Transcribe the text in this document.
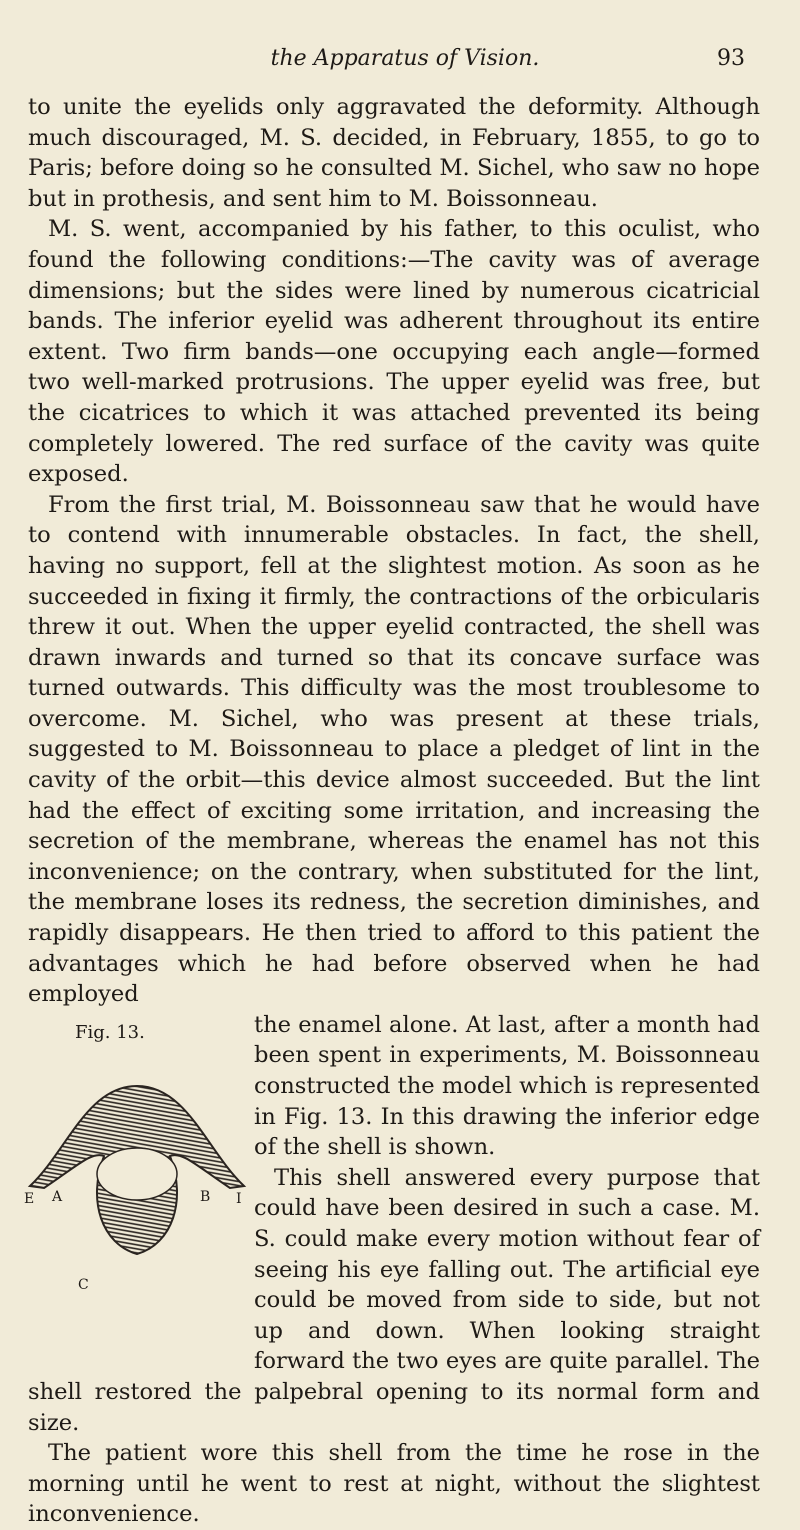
the Apparatus of Vision.	93

to unite the eyelids only aggravated the deformity. Although much discouraged, M. S. decided, in February, 1855, to go to Paris; before doing so he consulted M. Sichel, who saw no hope but in prothesis, and sent him to M. Boissonneau.

M. S. went, accompanied by his father, to this oculist, who found the following conditions:—The cavity was of average dimensions; but the sides were lined by numerous cicatricial bands. The inferior eyelid was adherent throughout its entire extent. Two firm bands—one occupying each angle—formed two well-marked protrusions. The upper eyelid was free, but the cicatrices to which it was attached prevented its being completely lowered. The red surface of the cavity was quite exposed.

From the first trial, M. Boissonneau saw that he would have to contend with innumerable obstacles. In fact, the shell, having no support, fell at the slightest motion. As soon as he succeeded in fixing it firmly, the contractions of the orbicularis threw it out. When the upper eyelid contracted, the shell was drawn inwards and turned so that its concave surface was turned outwards. This difficulty was the most troublesome to overcome. M. Sichel, who was present at these trials, suggested to M. Boissonneau to place a pledget of lint in the cavity of the orbit—this device almost succeeded. But the lint had the effect of exciting some irritation, and increasing the secretion of the membrane, whereas the enamel has not this inconvenience; on the contrary, when substituted for the lint, the membrane loses its redness, the secretion diminishes, and rapidly disappears. He then tried to afford to this patient the advantages which he had before observed when he had employed

Fig. 13.
E A	B I
C

the enamel alone. At last, after a month had been spent in experiments, M. Boissonneau constructed the model which is represented in Fig. 13. In this drawing the inferior edge of the shell is shown.

This shell answered every purpose that could have been desired in such a case. M. S. could make every motion without fear of seeing his eye falling out. The artificial eye could be moved from side to side, but not up and down. When looking straight forward the two eyes are quite parallel. The shell restored the palpebral opening to its normal form and size.

The patient wore this shell from the time he rose in the morning until he went to rest at night, without the slightest inconvenience.
